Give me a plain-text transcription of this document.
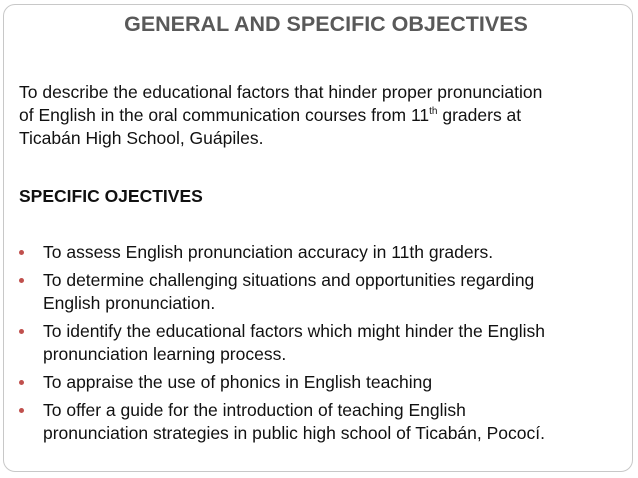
GENERAL AND SPECIFIC OBJECTIVES
To describe the educational factors that hinder proper pronunciation
of English in the oral communication courses from 11th graders at
Ticabán High School, Guápiles.
SPECIFIC OJECTIVES
To assess English pronunciation accuracy in 11th graders.
To determine challenging situations and opportunities regarding
English pronunciation.
To identify the educational factors which might hinder the English
pronunciation learning process.
To appraise the use of phonics in English teaching
To offer a guide for the introduction of teaching English
pronunciation strategies in public high school of Ticabán, Pococí.
